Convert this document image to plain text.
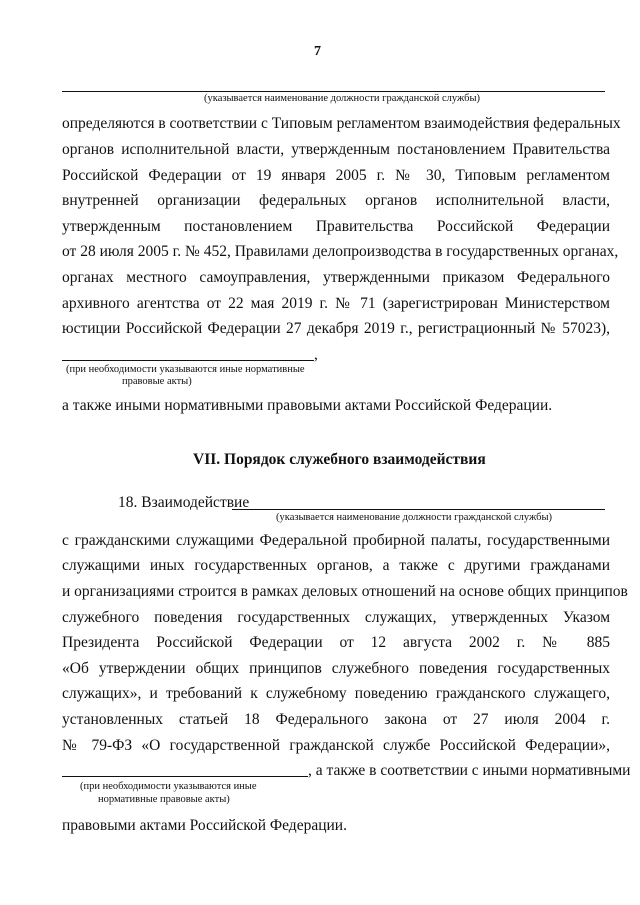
7
(указывается наименование должности гражданской службы)
определяются в соответствии с Типовым регламентом взаимодействия федеральных
органов исполнительной власти, утвержденным постановлением Правительства
Российской Федерации от 19 января 2005 г. № 30, Типовым регламентом
внутренней организации федеральных органов исполнительной власти,
утвержденным постановлением Правительства Российской Федерации
от 28 июля 2005 г. № 452, Правилами делопроизводства в государственных органах,
органах местного самоуправления, утвержденными приказом Федерального
архивного агентства от 22 мая 2019 г. № 71 (зарегистрирован Министерством
юстиции Российской Федерации 27 декабря 2019 г., регистрационный № 57023),
,
(при необходимости указываются иные нормативные
правовые акты)
а также иными нормативными правовыми актами Российской Федерации.
VII. Порядок служебного взаимодействия
18. Взаимодействие
(указывается наименование должности гражданской службы)
с гражданскими служащими Федеральной пробирной палаты, государственными
служащими иных государственных органов, а также с другими гражданами
и организациями строится в рамках деловых отношений на основе общих принципов
служебного поведения государственных служащих, утвержденных Указом
Президента Российской Федерации от 12 августа 2002 г. № 885
«Об утверждении общих принципов служебного поведения государственных
служащих», и требований к служебному поведению гражданского служащего,
установленных статьей 18 Федерального закона от 27 июля 2004 г.
№ 79-ФЗ «О государственной гражданской службе Российской Федерации»,
, а также в соответствии с иными нормативными
(при необходимости указываются иные
нормативные правовые акты)
правовыми актами Российской Федерации.
